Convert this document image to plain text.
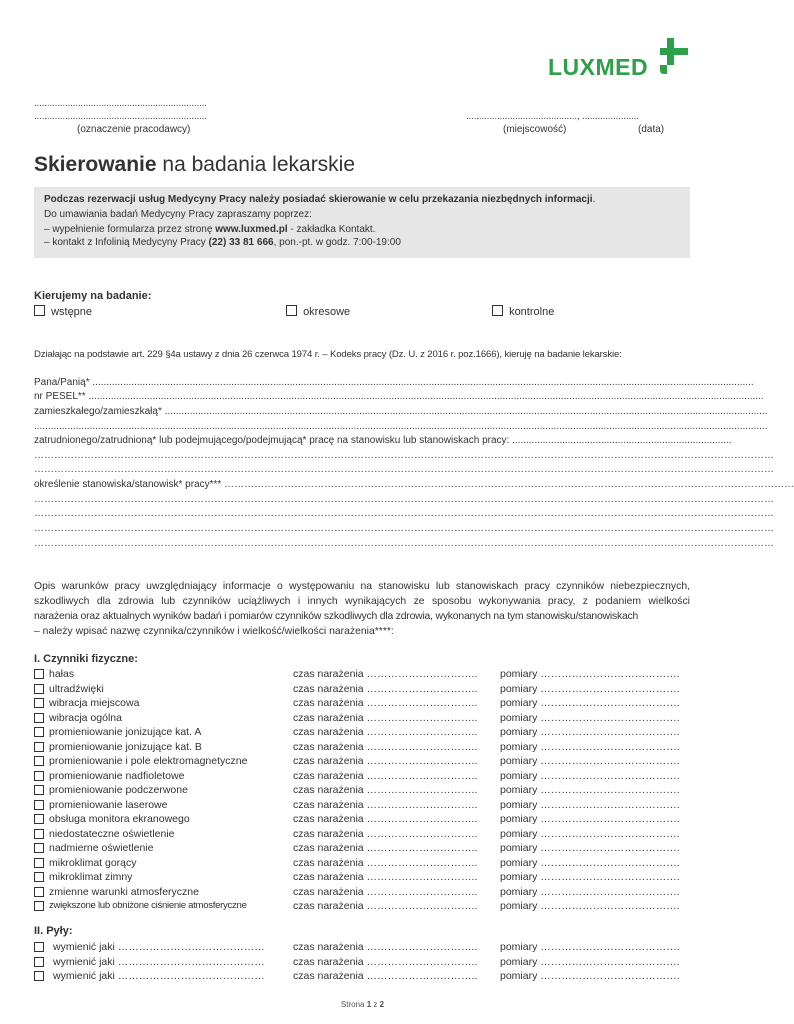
LUXMED
...................................................................
...................................................................
(oznaczenie pracodawcy)
..........................................., ......................
(miejscowość)	(data)
Skierowanie na badania lekarskie
Podczas rezerwacji usług Medycyny Pracy należy posiadać skierowanie w celu przekazania niezbędnych informacji.
Do umawiania badań Medycyny Pracy zapraszamy poprzez:
– wypełnienie formularza przez stronę www.luxmed.pl - zakładka Kontakt.
– kontakt z Infolinią Medycyny Pracy (22) 33 81 666, pon.-pt. w godz. 7:00-19:00
Kierujemy na badanie:
wstępne	okresowe	kontrolne
Działając na podstawie art. 229 §4a ustawy z dnia 26 czerwca 1974 r. – Kodeks pracy (Dz. U. z 2016 r. poz.1666), kieruję na badanie lekarskie:
Pana/Panią* ..............................................................................................................................................................................................................................................
nr PESEL** ...................................................................................................................................................................................................................................................
zamieszkałego/zamieszkałą* .........................................................................................................................................................................................................................
........................................................................................................................................................................................................................................................................
zatrudnionego/zatrudnioną* lub podejmującego/podejmującą* pracę na stanowisku lub stanowiskach pracy: ...............................................................................
……………………………………………………………………………………………………………………………………………………………………………………………………
……………………………………………………………………………………………………………………………………………………………………………………………………
określenie stanowiska/stanowisk* pracy*** ………………………………………………………………………………………………………………………………………………………
……………………………………………………………………………………………………………………………………………………………………………………………………
……………………………………………………………………………………………………………………………………………………………………………………………………
……………………………………………………………………………………………………………………………………………………………………………………………………
……………………………………………………………………………………………………………………………………………………………………………………………………
Opis warunków pracy uwzględniający informacje o występowaniu na stanowisku lub stanowiskach pracy czynników niebezpiecznych,
szkodliwych dla zdrowia lub czynników uciążliwych i innych wynikających ze sposobu wykonywania pracy, z podaniem wielkości
narażenia oraz aktualnych wyników badań i pomiarów czynników szkodliwych dla zdrowia, wykonanych na tym stanowisku/stanowiskach
– należy wpisać nazwę czynnika/czynników i wielkość/wielkości narażenia****:
I. Czynniki fizyczne:
hałas	czas narażenia …………………………..	pomiary ………………………………….
ultradźwięki	czas narażenia …………………………..	pomiary ………………………………….
wibracja miejscowa	czas narażenia …………………………..	pomiary ………………………………….
wibracja ogólna	czas narażenia …………………………..	pomiary ………………………………….
promieniowanie jonizujące kat. A	czas narażenia …………………………..	pomiary ………………………………….
promieniowanie jonizujące kat. B	czas narażenia …………………………..	pomiary ………………………………….
promieniowanie i pole elektromagnetyczne	czas narażenia …………………………..	pomiary ………………………………….
promieniowanie nadfioletowe	czas narażenia …………………………..	pomiary ………………………………….
promieniowanie podczerwone	czas narażenia …………………………..	pomiary ………………………………….
promieniowanie laserowe	czas narażenia …………………………..	pomiary ………………………………….
obsługa monitora ekranowego	czas narażenia …………………………..	pomiary ………………………………….
niedostateczne oświetlenie	czas narażenia …………………………..	pomiary ………………………………….
nadmierne oświetlenie	czas narażenia …………………………..	pomiary ………………………………….
mikroklimat gorący	czas narażenia …………………………..	pomiary ………………………………….
mikroklimat zimny	czas narażenia …………………………..	pomiary ………………………………….
zmienne warunki atmosferyczne	czas narażenia …………………………..	pomiary ………………………………….
zwiększone lub obniżone ciśnienie atmosferyczne	czas narażenia …………………………..	pomiary ………………………………….
II. Pyły:
wymienić jaki ……………………………………	czas narażenia …………………………..	pomiary ………………………………….
wymienić jaki ……………………………………	czas narażenia …………………………..	pomiary ………………………………….
wymienić jaki ……………………………………	czas narażenia …………………………..	pomiary ………………………………….
Strona 1 z 2
